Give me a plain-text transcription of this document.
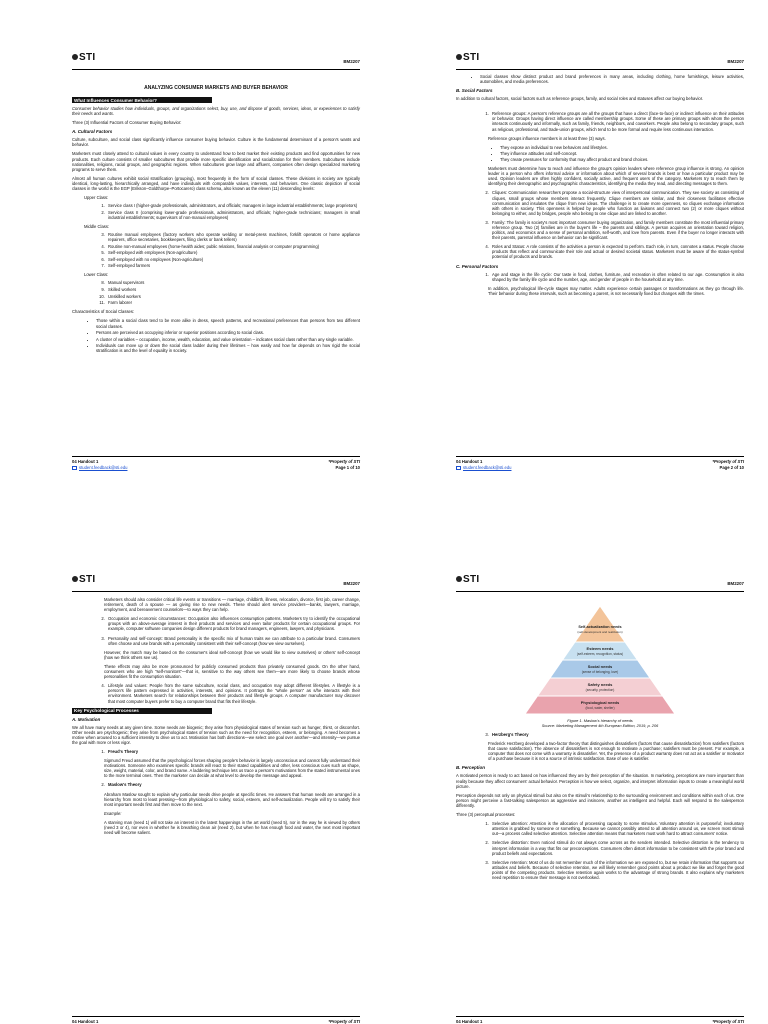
STI	BM2207
ANALYZING CONSUMER MARKETS AND BUYER BEHAVIOR
What Influences Consumer Behavior?

Consumer behavior studies how individuals, groups, and organizations select, buy, use, and dispose of goods, services, ideas, or experiences to satisfy their needs and wants.

Three (3) Influential Factors of Consumer Buying Behavior:

A. Cultural Factors

Culture, subculture, and social class significantly influence consumer buying behavior. Culture is the fundamental determinant of a person's wants and behavior.

Marketers must closely attend to cultural values in every country to understand how to best market their existing products and find opportunities for new products. Each culture consists of smaller subcultures that provide more specific identification and socialization for their members. Subcultures include nationalities, religions, racial groups, and geographic regions. When subcultures grow large and affluent, companies often design specialized marketing programs to serve them.

Almost all human cultures exhibit social stratification (grouping), most frequently in the form of social classes. These divisions in society are typically identical, long-lasting, hierarchically arranged, and have individuals with comparable values, interests, and behaviors. One classic depiction of social classes in the world is the EGP (Erikson–Goldthorpe–Portocarero) class schema, also known as the eleven (11) descending levels:

Upper Class:
1. Service class I (higher-grade professionals, administrators, and officials; managers in large industrial establishments; large proprietors)
2. Service class II (comprising lower-grade professionals, administrators, and officials; higher-grade technicians; managers in small industrial establishments; supervisors of non-manual employees)
Middle Class:
3. Routine manual employees (factory workers who operate welding or metal-press machines, forklift operators or home appliance repairers, office secretaries, bookkeepers, filing clerks or bank tellers)
4. Routine non-manual employees (home-health aides; public relations, financial analysis or computer programming)
5. Self-employed with employees (Non-agriculture)
6. Self-employed with no employees (Non-agriculture)
7. Self-employed farmers
Lower Class:
8. Manual supervisors
9. Skilled workers
10. Unskilled workers
11. Farm laborer

Characteristics of Social Classes:

• Those within a social class tend to be more alike in dress, speech patterns, and recreational preferences than persons from two different social classes.
• Persons are perceived as occupying inferior or superior positions according to social class.
• A cluster of variables – occupation, income, wealth, education, and value orientation – indicates social class rather than any single variable.
• Individuals can move up or down the social class ladder during their lifetimes – how easily and how far depends on how rigid the social stratification is and the level of equality in society.
04 Handout 1
student.feedback@sti.edu
*Property of STI
Page 1 of 10
STI	BM2207
• Social classes show distinct product and brand preferences in many areas, including clothing, home furnishings, leisure activities, automobiles, and media preferences.
B. Social Factors

In addition to cultural factors, social factors such as reference groups, family, and social roles and statuses affect our buying behavior.

1. Reference groups: A person's reference groups are all the groups that have a direct (face-to-face) or indirect influence on their attitudes or behavior. Groups having direct influence are called membership groups. Some of these are primary groups with whom the person interacts continuously and informally, such as family, friends, neighbors, and coworkers. People also belong to secondary groups, such as religious, professional, and trade-union groups, which tend to be more formal and require less continuous interaction.

Reference groups influence members in at least three (3) ways.

• They expose an individual to new behaviors and lifestyles.
• They influence attitudes and self-concept.
• They create pressures for conformity that may affect product and brand choices.

Marketers must determine how to reach and influence the group's opinion leaders where reference group influence is strong. An opinion leader is a person who offers informal advice or information about which of several brands is best or how a particular product may be used. Opinion leaders are often highly confident, socially active, and frequent users of the category. Marketers try to reach them by identifying their demographic and psychographic characteristics, identifying the media they read, and directing messages to them.

2. Cliques: Communication researchers propose a social-structure view of interpersonal communication. They see society as consisting of cliques, small groups whose members interact frequently. Clique members are similar, and their closeness facilitates effective communication and insulates the clique from new ideas. The challenge is to create more openness, so cliques exchange information with others in society. This openness is helped by people who function as liaisons and connect two (2) or more cliques without belonging to either, and by bridges, people who belong to one clique and are linked to another.
3. Family: The family is society's most important consumer buying organization, and family members constitute the most influential primary reference group. Two (2) families are in the buyer's life – the parents and siblings. A person acquires an orientation toward religion, politics, and economics and a sense of personal ambition, self-worth, and love from parents. Even if the buyer no longer interacts with their parents, parental influence on behavior can be significant.
4. Roles and Status: A role consists of the activities a person is expected to perform. Each role, in turn, connotes a status. People choose products that reflect and communicate their role and actual or desired societal status. Marketers must be aware of the status-symbol potential of products and brands.
C. Personal Factors
1. Age and stage in the life cycle: Our taste in food, clothes, furniture, and recreation is often related to our age. Consumption is also shaped by the family life cycle and the number, age, and gender of people in the household at any time.

In addition, psychological life-cycle stages may matter. Adults experience certain passages or transformations as they go through life. Their behavior during these intervals, such as becoming a parent, is not necessarily fixed but changes with the times.

04 Handout 1
student.feedback@sti.edu
*Property of STI
Page 2 of 10
STI	BM2207

Marketers should also consider critical life events or transitions — marriage, childbirth, illness, relocation, divorce, first job, career change, retirement, death of a spouse — as giving rise to new needs. These should alert service providers—banks, lawyers, marriage, employment, and bereavement counselors—to ways they can help.

2. Occupation and economic circumstances: Occupation also influences consumption patterns. Marketers try to identify the occupational groups with an above-average interest in their products and services and even tailor products for certain occupational groups. For example, computer software companies design different products for brand managers, engineers, lawyers, and physicians.
3. Personality and self-concept: Brand personality is the specific mix of human traits we can attribute to a particular brand. Consumers often choose and use brands with a personality consistent with their self-concept (how we view ourselves).

However, the match may be based on the consumer's ideal self-concept (how we would like to view ourselves) or others' self-concept (how we think others see us).

These effects may also be more pronounced for publicly consumed products than privately consumed goods. On the other hand, consumers who are high "self-monitors"—that is, sensitive to the way others see them—are more likely to choose brands whose personalities fit the consumption situation.

4. Lifestyle and values: People from the same subculture, social class, and occupation may adopt different lifestyles. A lifestyle is a person's life pattern expressed in activities, interests, and opinions. It portrays the "whole person" as s/he interacts with their environment. Marketers search for relationships between their products and lifestyle groups. A computer manufacturer may discover that most computer buyers prefer to buy a computer brand that fits their lifestyle.
Key Psychological Processes
A. Motivation

We all have many needs at any given time. Some needs are biogenic; they arise from physiological states of tension such as hunger, thirst, or discomfort. Other needs are psychogenic; they arise from psychological states of tension such as the need for recognition, esteem, or belonging. A need becomes a motive when aroused to a sufficient intensity to drive us to act. Motivation has both directions—we select one goal over another—and intensity—we pursue the goal with more or less vigor.

1. Freud's Theory

Sigmund Freud assumed that the psychological forces shaping people's behavior is largely unconscious and cannot fully understand their motivations. Someone who examines specific brands will react to their stated capabilities and other, less conscious cues such as shape, size, weight, material, color, and brand name. A laddering technique lets us trace a person's motivations from the stated instrumental ones to the more terminal ones. Then the marketer can decide at what level to develop the message and appeal.

2. Maslow's Theory

Abraham Maslow sought to explain why particular needs drive people at specific times. He answers that human needs are arranged in a hierarchy from most to least pressing—from physiological to safety, social, esteem, and self-actualization. People will try to satisfy their most important needs first and then move to the next.

Example:

A starving man (need 1) will not take an interest in the latest happenings in the art world (need 5), nor in the way he is viewed by others (need 3 or 4), nor even in whether he is breathing clean air (need 2), but when he has enough food and water, the next most important need will become salient.

04 Handout 1	*Property of STI
STI	BM2207
Self-actualization needs
(self-development and realization)
Esteem needs
(self-esteem, recognition, status)
Social needs
(sense of belonging, love)
Safety needs
(security, protection)
Physiological needs
(food, water, shelter)
Figure 1. Maslow's hierarchy of needs
Source: Marketing Management 4th European Edition, 2019, p. 206
3. Herzberg's Theory

Frederick Herzberg developed a two-factor theory that distinguishes dissatisfiers (factors that cause dissatisfaction) from satisfiers (factors that cause satisfaction). The absence of dissatisfiers is not enough to motivate a purchase; satisfiers must be present. For example, a computer that does not come with a warranty is dissatisfier. Yet, the presence of a product warranty does not act as a satisfier or motivator of a purchase because it is not a source of intrinsic satisfaction. Ease of use is satisfier.

B. Perception

A motivated person is ready to act based on how influenced they are by their perception of the situation. In marketing, perceptions are more important than reality because they affect consumers' actual behavior. Perception is how we select, organize, and interpret information inputs to create a meaningful world picture.

Perception depends not only on physical stimuli but also on the stimuli's relationship to the surrounding environment and conditions within each of us. One person might perceive a fast-talking salesperson as aggressive and insincere, another as intelligent and helpful. Each will respond to the salesperson differently.

Three (3) perceptual processes:

1. Selective attention: Attention is the allocation of processing capacity to some stimulus. Voluntary attention is purposeful; involuntary attention is grabbed by someone or something. Because we cannot possibly attend to all attention around us, we screen most stimuli out—a process called selective attention. Selective attention means that marketers must work hard to attract consumers' notice.
2. Selective distortion: Even noticed stimuli do not always come across as the senders intended. Selective distortion is the tendency to interpret information in a way that fits our preconceptions. Consumers often distort information to be consistent with the prior brand and product beliefs and expectations.
3. Selective retention: Most of us do not remember much of the information we are exposed to, but we retain information that supports our attitudes and beliefs. Because of selective retention, we will likely remember good points about a product we like and forget the good points of the competing products. Selective retention again works to the advantage of strong brands. It also explains why marketers need repetition to ensure their message is not overlooked.
04 Handout 1	*Property of STI
